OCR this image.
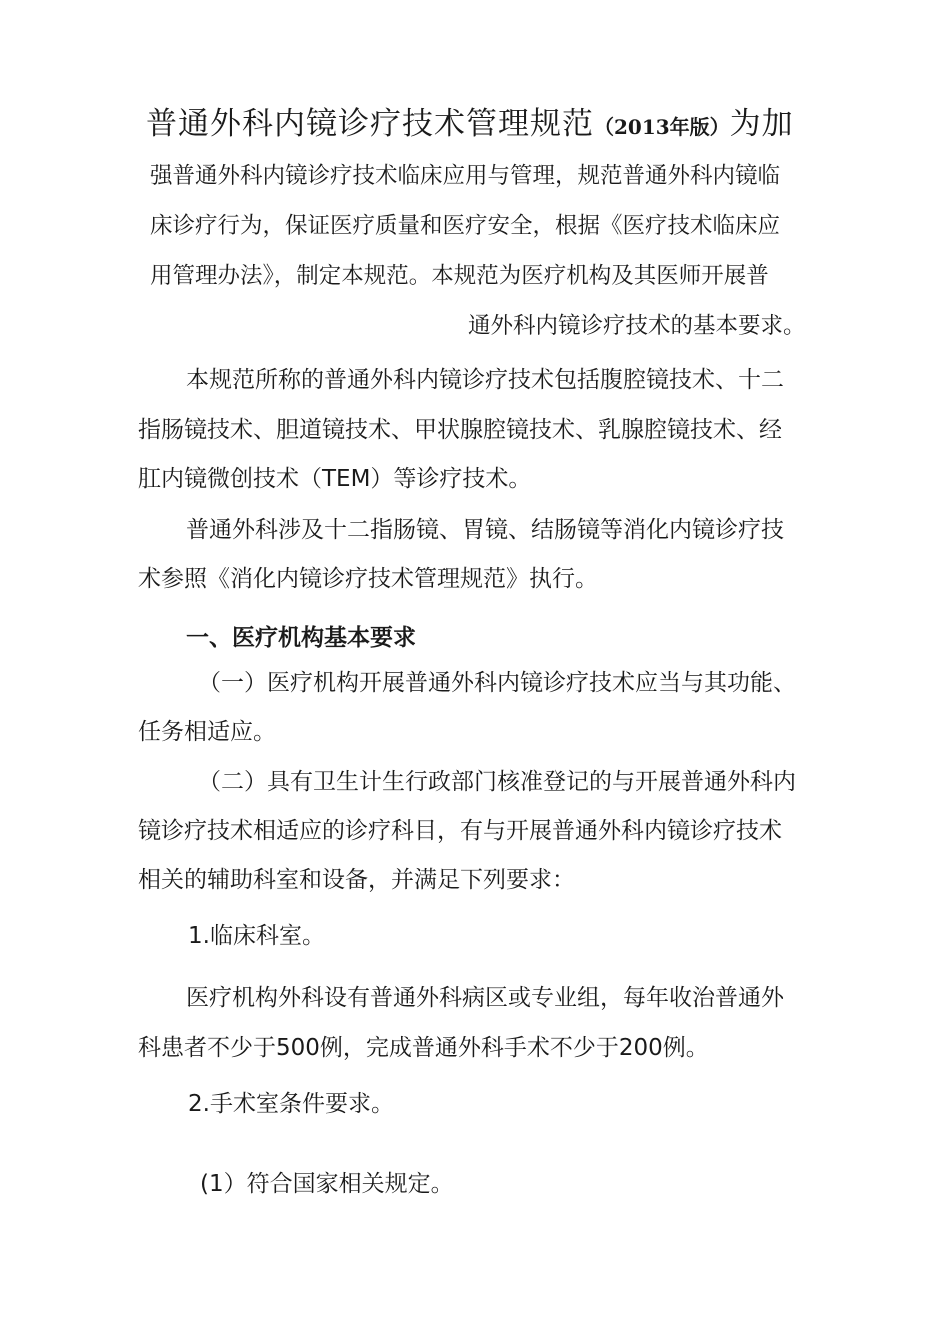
普通外科内镜诊疗技术管理规范（2013年版）为加

强普通外科内镜诊疗技术临床应用与管理，规范普通外科内镜临

床诊疗行为，保证医疗质量和医疗安全，根据《医疗技术临床应

用管理办法》，制定本规范。本规范为医疗机构及其医师开展普

通外科内镜诊疗技术的基本要求。

本规范所称的普通外科内镜诊疗技术包括腹腔镜技术、十二

指肠镜技术、胆道镜技术、甲状腺腔镜技术、乳腺腔镜技术、经

肛内镜微创技术（TEM）等诊疗技术。

普通外科涉及十二指肠镜、胃镜、结肠镜等消化内镜诊疗技

术参照《消化内镜诊疗技术管理规范》执行。

一、医疗机构基本要求

（一）医疗机构开展普通外科内镜诊疗技术应当与其功能、

任务相适应。

（二）具有卫生计生行政部门核准登记的与开展普通外科内

镜诊疗技术相适应的诊疗科目，有与开展普通外科内镜诊疗技术

相关的辅助科室和设备，并满足下列要求：

1.临床科室。

医疗机构外科设有普通外科病区或专业组，每年收治普通外

科患者不少于500例，完成普通外科手术不少于200例。

2.手术室条件要求。

(1）符合国家相关规定。
